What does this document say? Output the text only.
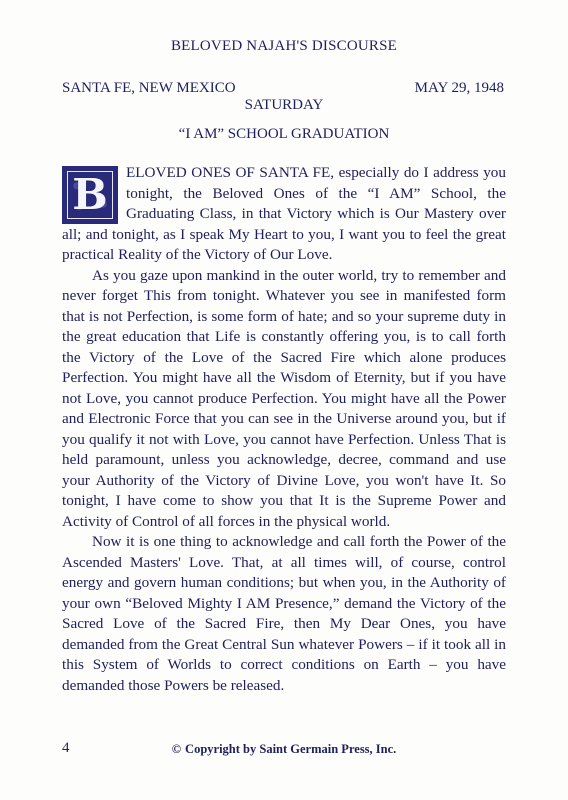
BELOVED NAJAH'S DISCOURSE
SANTA FE, NEW MEXICO	MAY 29, 1948
SATURDAY
“I AM” SCHOOL GRADUATION

B ELOVED ONES OF SANTA FE, especially do I address you tonight, the Beloved Ones of the “I AM” School, the Graduating Class, in that Victory which is Our Mastery over all; and tonight, as I speak My Heart to you, I want you to feel the great practical Reality of the Victory of Our Love.

As you gaze upon mankind in the outer world, try to remember and never forget This from tonight. Whatever you see in manifested form that is not Perfection, is some form of hate; and so your supreme duty in the great education that Life is constantly offering you, is to call forth the Victory of the Love of the Sacred Fire which alone produces Perfection. You might have all the Wisdom of Eternity, but if you have not Love, you cannot produce Perfection. You might have all the Power and Electronic Force that you can see in the Universe around you, but if you qualify it not with Love, you cannot have Perfection. Unless That is held paramount, unless you acknowledge, decree, command and use your Authority of the Victory of Divine Love, you won't have It. So tonight, I have come to show you that It is the Supreme Power and Activity of Control of all forces in the physical world.

Now it is one thing to acknowledge and call forth the Power of the Ascended Masters' Love. That, at all times will, of course, control energy and govern human conditions; but when you, in the Authority of your own “Beloved Mighty I AM Presence,” demand the Victory of the Sacred Love of the Sacred Fire, then My Dear Ones, you have demanded from the Great Central Sun whatever Powers – if it took all in this System of Worlds to correct conditions on Earth – you have demanded those Powers be released.

4	© Copyright by Saint Germain Press, Inc.
